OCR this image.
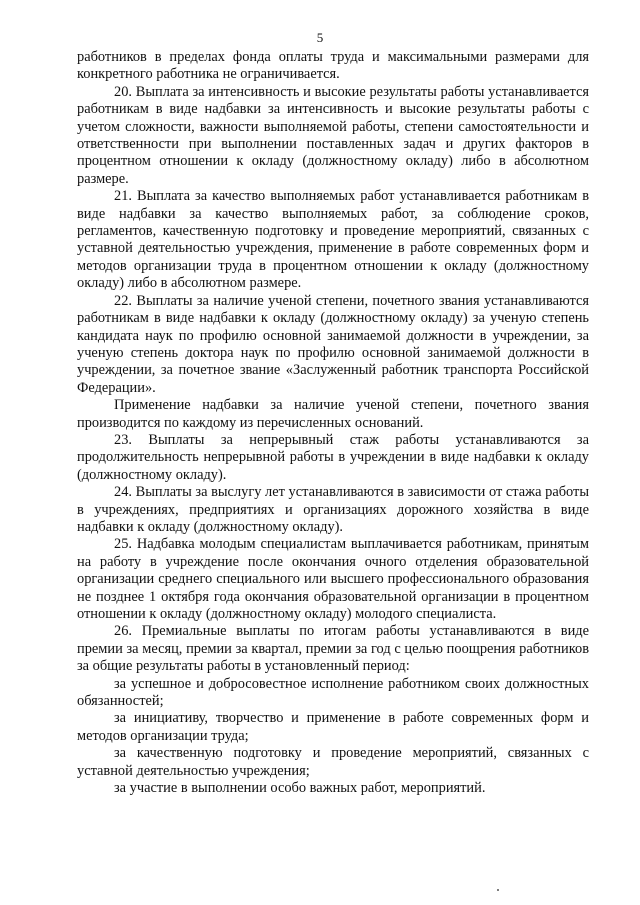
5

работников в пределах фонда оплаты труда и максимальными размерами для конкретного работника не ограничивается.

20. Выплата за интенсивность и высокие результаты работы устанавливается работникам в виде надбавки за интенсивность и высокие результаты работы с учетом сложности, важности выполняемой работы, степени самостоятельности и ответственности при выполнении поставленных задач и других факторов в процентном отношении к окладу (должностному окладу) либо в абсолютном размере.

21. Выплата за качество выполняемых работ устанавливается работникам в виде надбавки за качество выполняемых работ, за соблюдение сроков, регламентов, качественную подготовку и проведение мероприятий, связанных с уставной деятельностью учреждения, применение в работе современных форм и методов организации труда в процентном отношении к окладу (должностному окладу) либо в абсолютном размере.

22. Выплаты за наличие ученой степени, почетного звания устанавливаются работникам в виде надбавки к окладу (должностному окладу) за ученую степень кандидата наук по профилю основной занимаемой должности в учреждении, за ученую степень доктора наук по профилю основной занимаемой должности в учреждении, за почетное звание «Заслуженный работник транспорта Российской Федерации».

Применение надбавки за наличие ученой степени, почетного звания производится по каждому из перечисленных оснований.

23. Выплаты за непрерывный стаж работы устанавливаются за продолжительность непрерывной работы в учреждении в виде надбавки к окладу (должностному окладу).

24. Выплаты за выслугу лет устанавливаются в зависимости от стажа работы в учреждениях, предприятиях и организациях дорожного хозяйства в виде надбавки к окладу (должностному окладу).

25. Надбавка молодым специалистам выплачивается работникам, принятым на работу в учреждение после окончания очного отделения образовательной организации среднего специального или высшего профессионального образования не позднее 1 октября года окончания образовательной организации в процентном отношении к окладу (должностному окладу) молодого специалиста.

26. Премиальные выплаты по итогам работы устанавливаются в виде премии за месяц, премии за квартал, премии за год с целью поощрения работников за общие результаты работы в установленный период:

за успешное и добросовестное исполнение работником своих должностных обязанностей;

за инициативу, творчество и применение в работе современных форм и методов организации труда;

за качественную подготовку и проведение мероприятий, связанных с уставной деятельностью учреждения;

за участие в выполнении особо важных работ, мероприятий.
